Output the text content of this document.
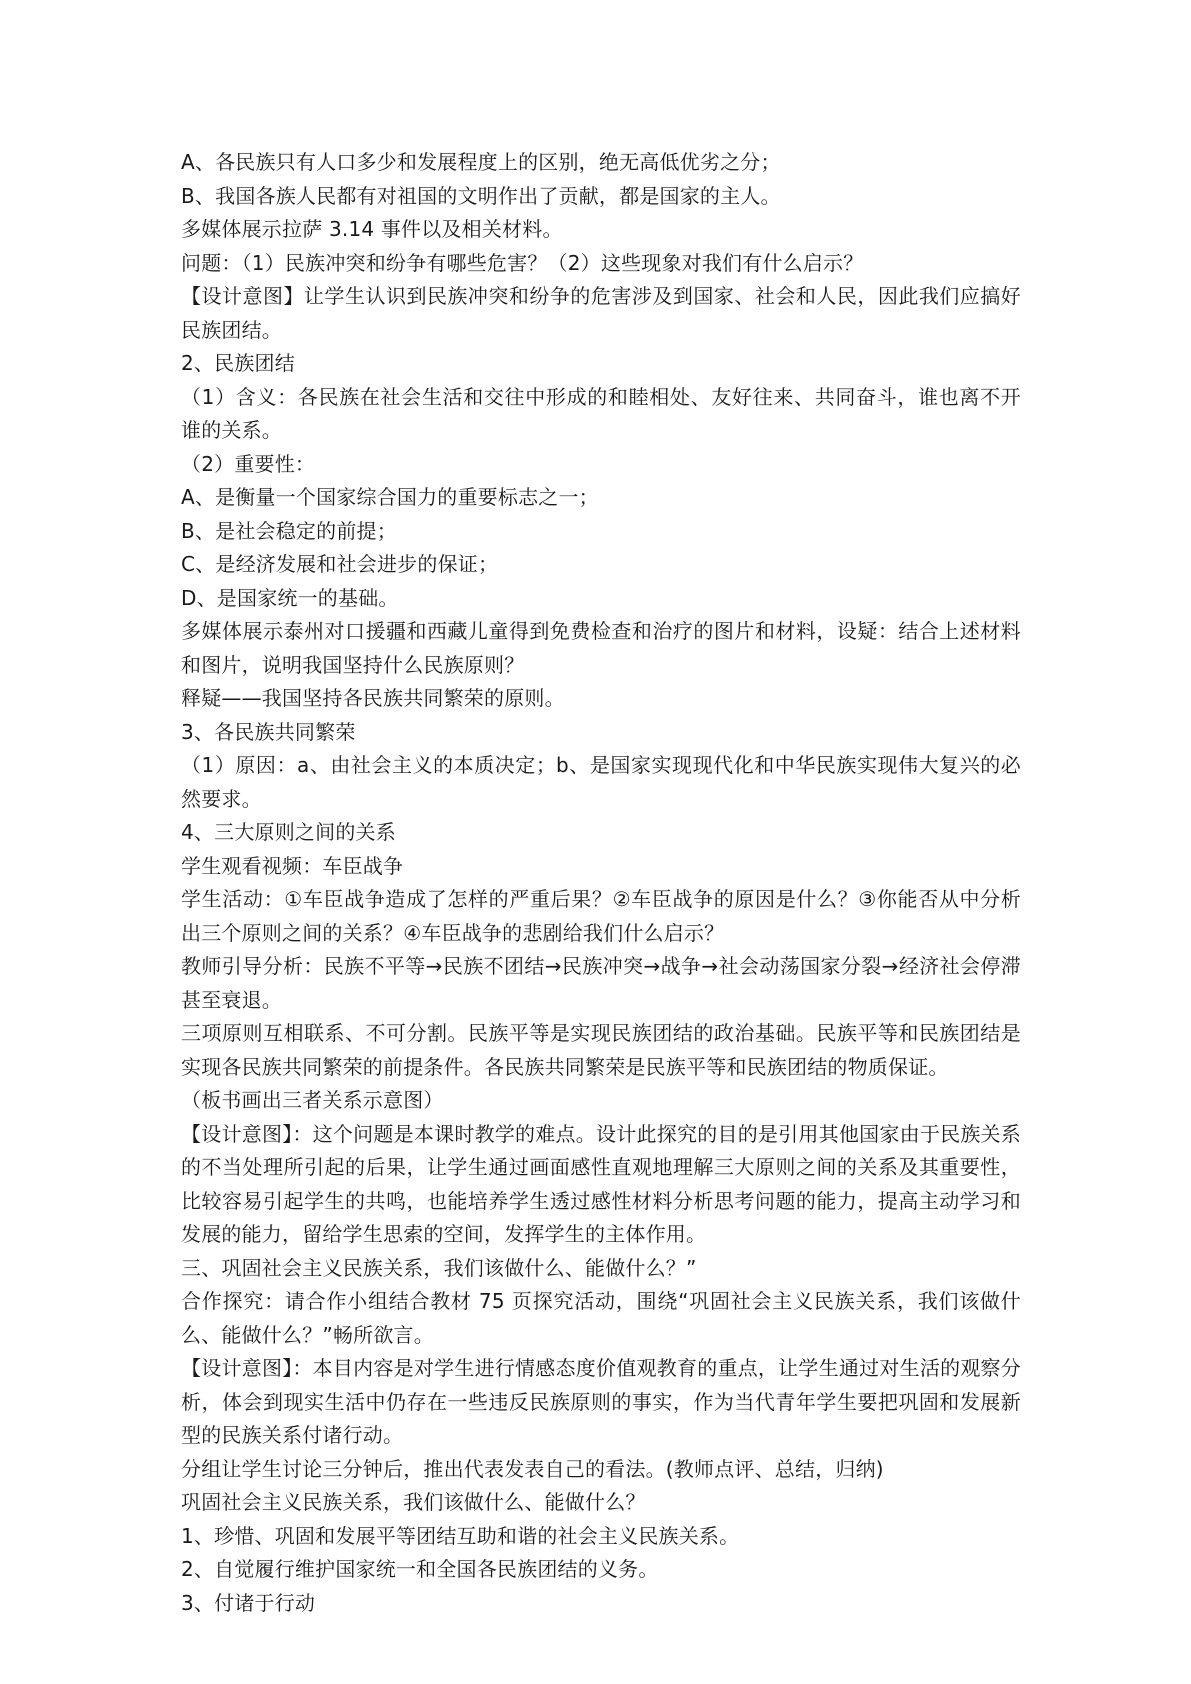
A、各民族只有人口多少和发展程度上的区别，绝无高低优劣之分；

B、我国各族人民都有对祖国的文明作出了贡献，都是国家的主人。

多媒体展示拉萨 3.14 事件以及相关材料。

问题：（1）民族冲突和纷争有哪些危害？（2）这些现象对我们有什么启示？

【设计意图】让学生认识到民族冲突和纷争的危害涉及到国家、社会和人民，因此我们应搞好民族团结。

2、民族团结

（1）含义：各民族在社会生活和交往中形成的和睦相处、友好往来、共同奋斗，谁也离不开谁的关系。

（2）重要性：

A、是衡量一个国家综合国力的重要标志之一；

B、是社会稳定的前提；

C、是经济发展和社会进步的保证；

D、是国家统一的基础。

多媒体展示泰州对口援疆和西藏儿童得到免费检查和治疗的图片和材料，设疑：结合上述材料和图片，说明我国坚持什么民族原则？

释疑——我国坚持各民族共同繁荣的原则。

3、各民族共同繁荣

（1）原因：a、由社会主义的本质决定；b、是国家实现现代化和中华民族实现伟大复兴的必然要求。

4、三大原则之间的关系

学生观看视频：车臣战争

学生活动：①车臣战争造成了怎样的严重后果？②车臣战争的原因是什么？③你能否从中分析出三个原则之间的关系？④车臣战争的悲剧给我们什么启示？

教师引导分析：民族不平等→民族不团结→民族冲突→战争→社会动荡国家分裂→经济社会停滞甚至衰退。

三项原则互相联系、不可分割。民族平等是实现民族团结的政治基础。民族平等和民族团结是实现各民族共同繁荣的前提条件。各民族共同繁荣是民族平等和民族团结的物质保证。

（板书画出三者关系示意图）

【设计意图】：这个问题是本课时教学的难点。设计此探究的目的是引用其他国家由于民族关系的不当处理所引起的后果，让学生通过画面感性直观地理解三大原则之间的关系及其重要性，比较容易引起学生的共鸣，也能培养学生透过感性材料分析思考问题的能力，提高主动学习和发展的能力，留给学生思索的空间，发挥学生的主体作用。

三、巩固社会主义民族关系，我们该做什么、能做什么？”

合作探究：请合作小组结合教材 75 页探究活动，围绕“巩固社会主义民族关系，我们该做什么、能做什么？”畅所欲言。

【设计意图】：本目内容是对学生进行情感态度价值观教育的重点，让学生通过对生活的观察分析，体会到现实生活中仍存在一些违反民族原则的事实，作为当代青年学生要把巩固和发展新型的民族关系付诸行动。

分组让学生讨论三分钟后，推出代表发表自己的看法。(教师点评、总结，归纳)

巩固社会主义民族关系，我们该做什么、能做什么？

1、珍惜、巩固和发展平等团结互助和谐的社会主义民族关系。

2、自觉履行维护国家统一和全国各民族团结的义务。

3、付诸于行动
